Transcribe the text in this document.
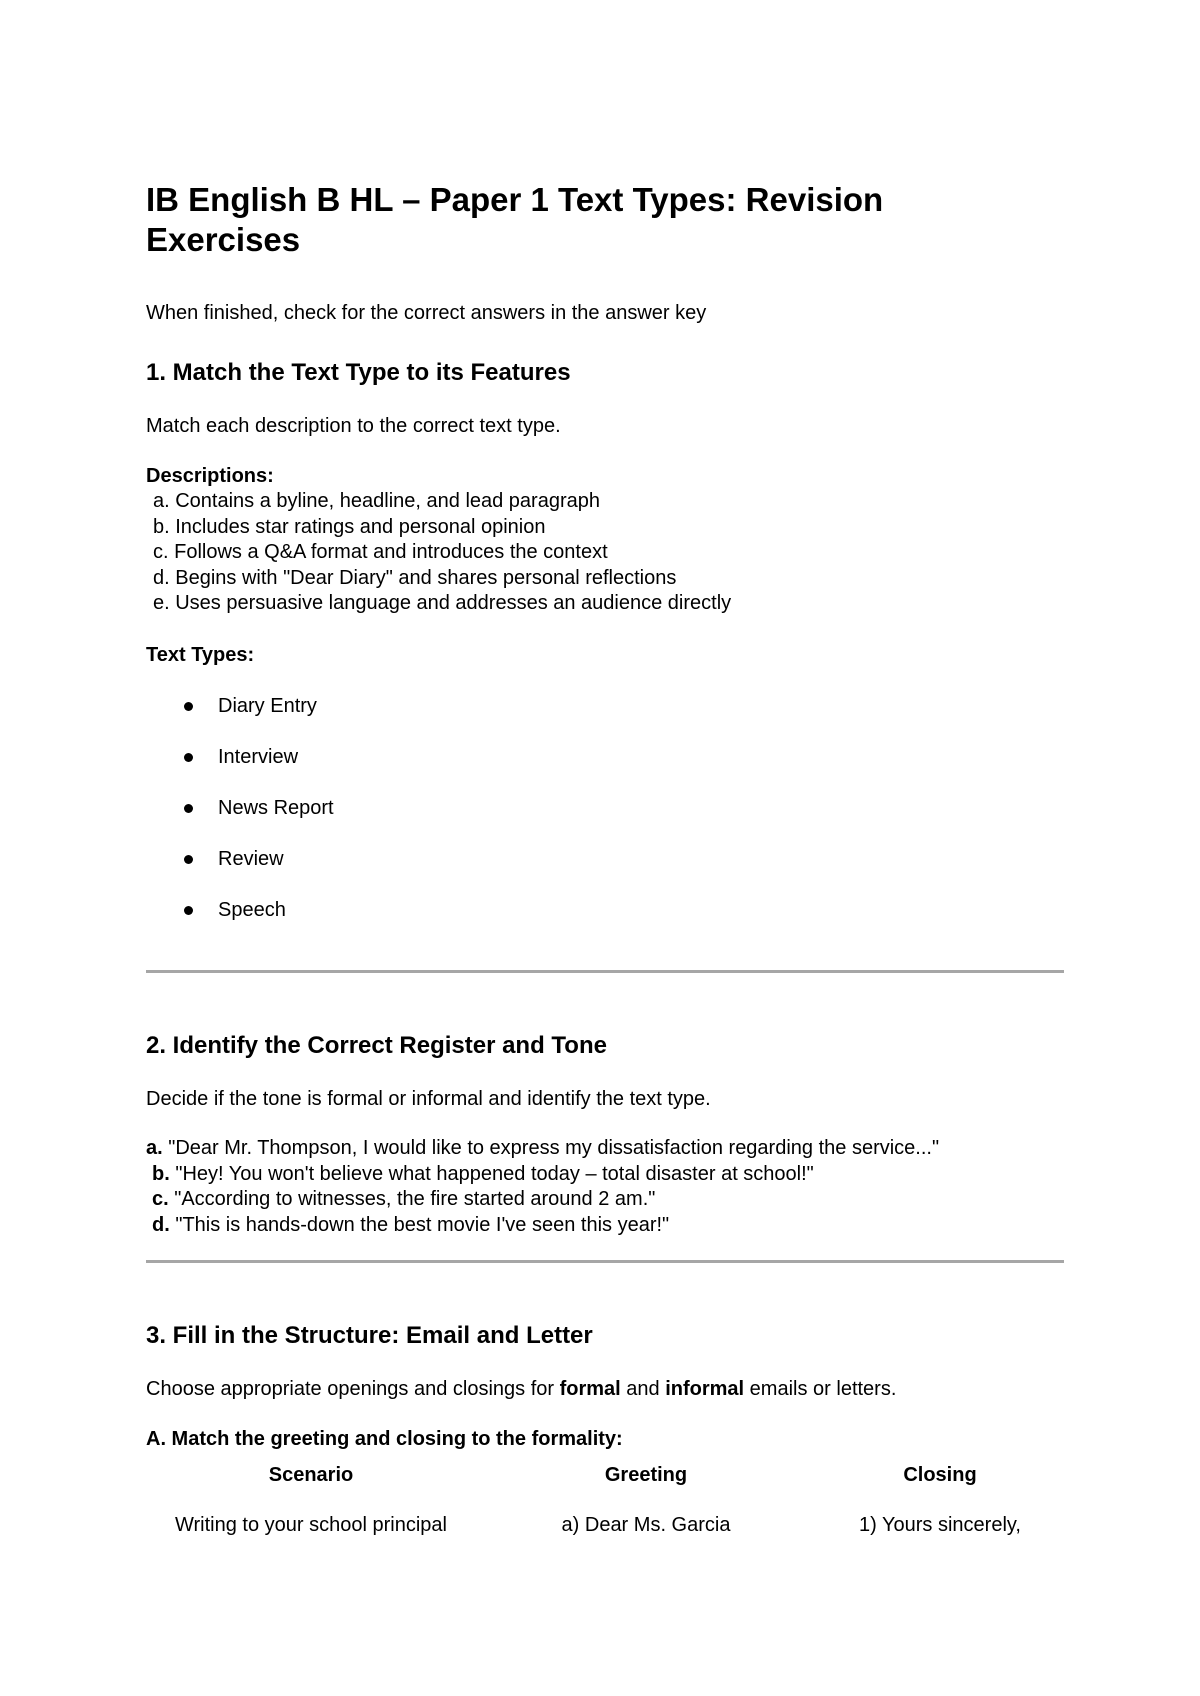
IB English B HL – Paper 1 Text Types: Revision Exercises

When finished, check for the correct answers in the answer key

1. Match the Text Type to its Features

Match each description to the correct text type.

Descriptions:

a. Contains a byline, headline, and lead paragraph
b. Includes star ratings and personal opinion
c. Follows a Q&A format and introduces the context
d. Begins with "Dear Diary" and shares personal reflections
e. Uses persuasive language and addresses an audience directly

Text Types:

Diary Entry
Interview
News Report
Review
Speech
2. Identify the Correct Register and Tone

Decide if the tone is formal or informal and identify the text type.

a. "Dear Mr. Thompson, I would like to express my dissatisfaction regarding the service..."
b. "Hey! You won't believe what happened today – total disaster at school!"
c. "According to witnesses, the fire started around 2 am."
d. "This is hands-down the best movie I've seen this year!"
3. Fill in the Structure: Email and Letter

Choose appropriate openings and closings for formal and informal emails or letters.

A. Match the greeting and closing to the formality:

Scenario	Greeting	Closing
Writing to your school principal	a) Dear Ms. Garcia	1) Yours sincerely,
